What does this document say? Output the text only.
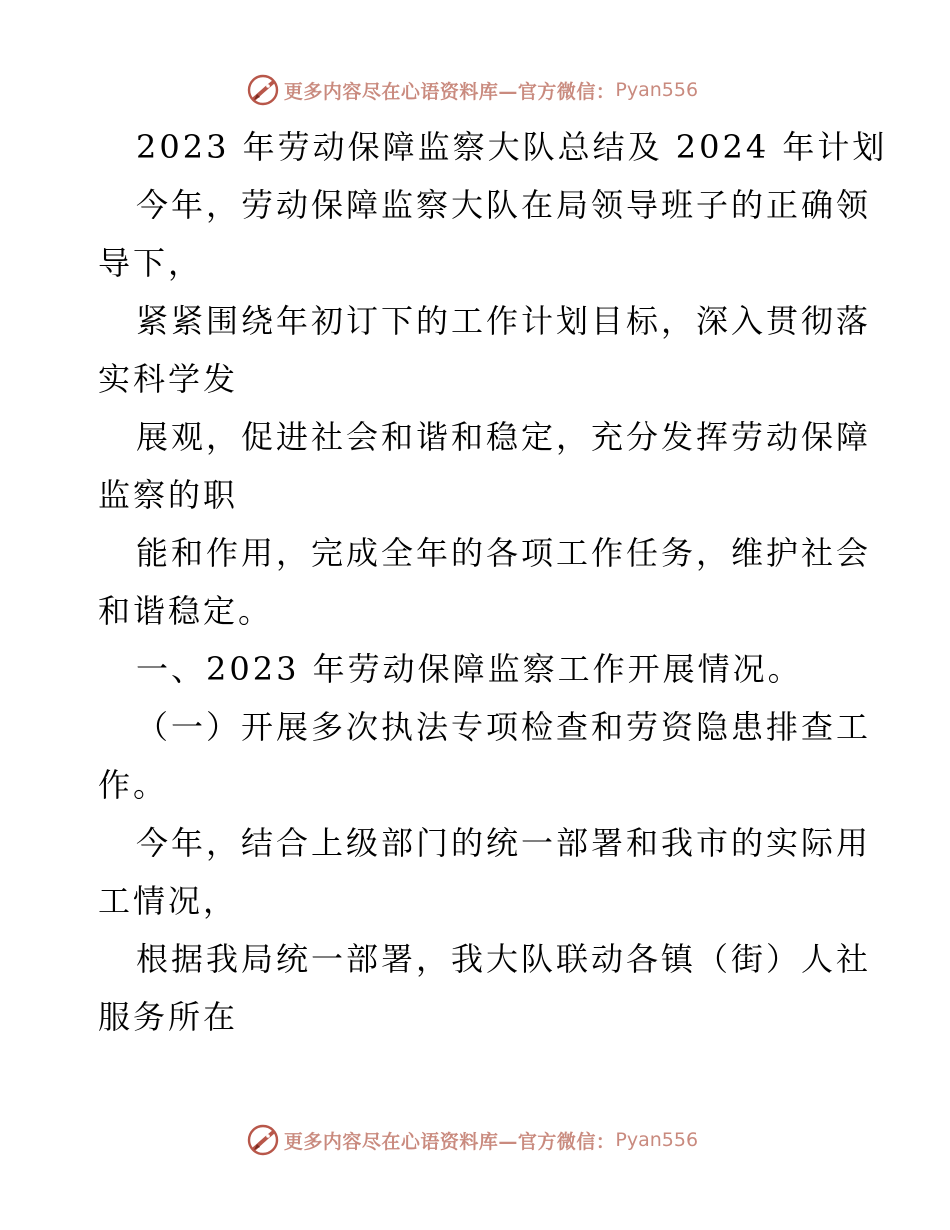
更多内容尽在心语资料库—官方微信： Pyan556
2023 年劳动保障监察大队总结及 2024 年计划
今年，劳动保障监察大队在局领导班子的正确领
导下，
紧紧围绕年初订下的工作计划目标，深入贯彻落
实科学发
展观，促进社会和谐和稳定，充分发挥劳动保障
监察的职
能和作用，完成全年的各项工作任务，维护社会
和谐稳定。
一、2023 年劳动保障监察工作开展情况。
（一）开展多次执法专项检查和劳资隐患排查工
作。
今年，结合上级部门的统一部署和我市的实际用
工情况，
根据我局统一部署，我大队联动各镇（街）人社
服务所在
更多内容尽在心语资料库—官方微信： Pyan556
